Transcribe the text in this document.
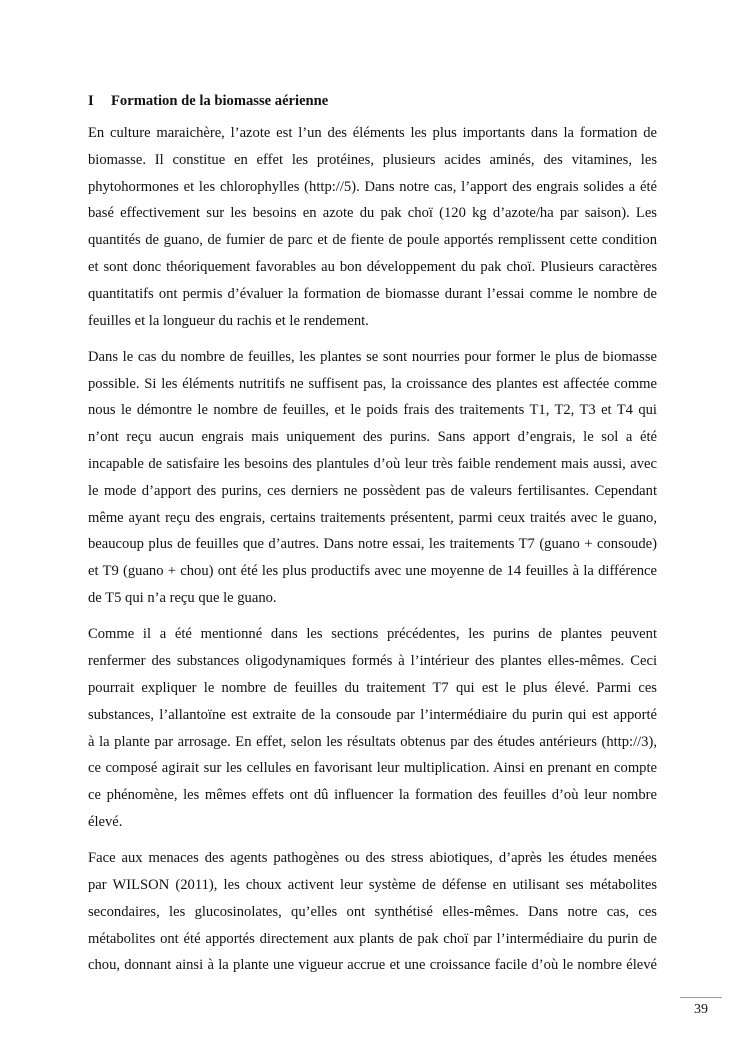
I Formation de la biomasse aérienne
En culture maraichère, l’azote est l’un des éléments les plus importants dans la formation de
biomasse. Il constitue en effet les protéines, plusieurs acides aminés, des vitamines, les
phytohormones et les chlorophylles (http://5). Dans notre cas, l’apport des engrais solides a été
basé effectivement sur les besoins en azote du pak choï (120 kg d’azote/ha par saison). Les
quantités de guano, de fumier de parc et de fiente de poule apportés remplissent cette condition
et sont donc théoriquement favorables au bon développement du pak choï. Plusieurs caractères
quantitatifs ont permis d’évaluer la formation de biomasse durant l’essai comme le nombre de
feuilles et la longueur du rachis et le rendement.
Dans le cas du nombre de feuilles, les plantes se sont nourries pour former le plus de biomasse
possible. Si les éléments nutritifs ne suffisent pas, la croissance des plantes est affectée comme
nous le démontre le nombre de feuilles, et le poids frais des traitements T1, T2, T3 et T4 qui
n’ont reçu aucun engrais mais uniquement des purins. Sans apport d’engrais, le sol a été
incapable de satisfaire les besoins des plantules d’où leur très faible rendement mais aussi, avec
le mode d’apport des purins, ces derniers ne possèdent pas de valeurs fertilisantes. Cependant
même ayant reçu des engrais, certains traitements présentent, parmi ceux traités avec le guano,
beaucoup plus de feuilles que d’autres. Dans notre essai, les traitements T7 (guano + consoude)
et T9 (guano + chou) ont été les plus productifs avec une moyenne de 14 feuilles à la différence
de T5 qui n’a reçu que le guano.
Comme il a été mentionné dans les sections précédentes, les purins de plantes peuvent
renfermer des substances oligodynamiques formés à l’intérieur des plantes elles-mêmes. Ceci
pourrait expliquer le nombre de feuilles du traitement T7 qui est le plus élevé. Parmi ces
substances, l’allantoïne est extraite de la consoude par l’intermédiaire du purin qui est apporté
à la plante par arrosage. En effet, selon les résultats obtenus par des études antérieurs (http://3),
ce composé agirait sur les cellules en favorisant leur multiplication. Ainsi en prenant en compte
ce phénomène, les mêmes effets ont dû influencer la formation des feuilles d’où leur nombre
élevé.
Face aux menaces des agents pathogènes ou des stress abiotiques, d’après les études menées
par WILSON (2011), les choux activent leur système de défense en utilisant ses métabolites
secondaires, les glucosinolates, qu’elles ont synthétisé elles-mêmes. Dans notre cas, ces
métabolites ont été apportés directement aux plants de pak choï par l’intermédiaire du purin de
chou, donnant ainsi à la plante une vigueur accrue et une croissance facile d’où le nombre élevé
39
